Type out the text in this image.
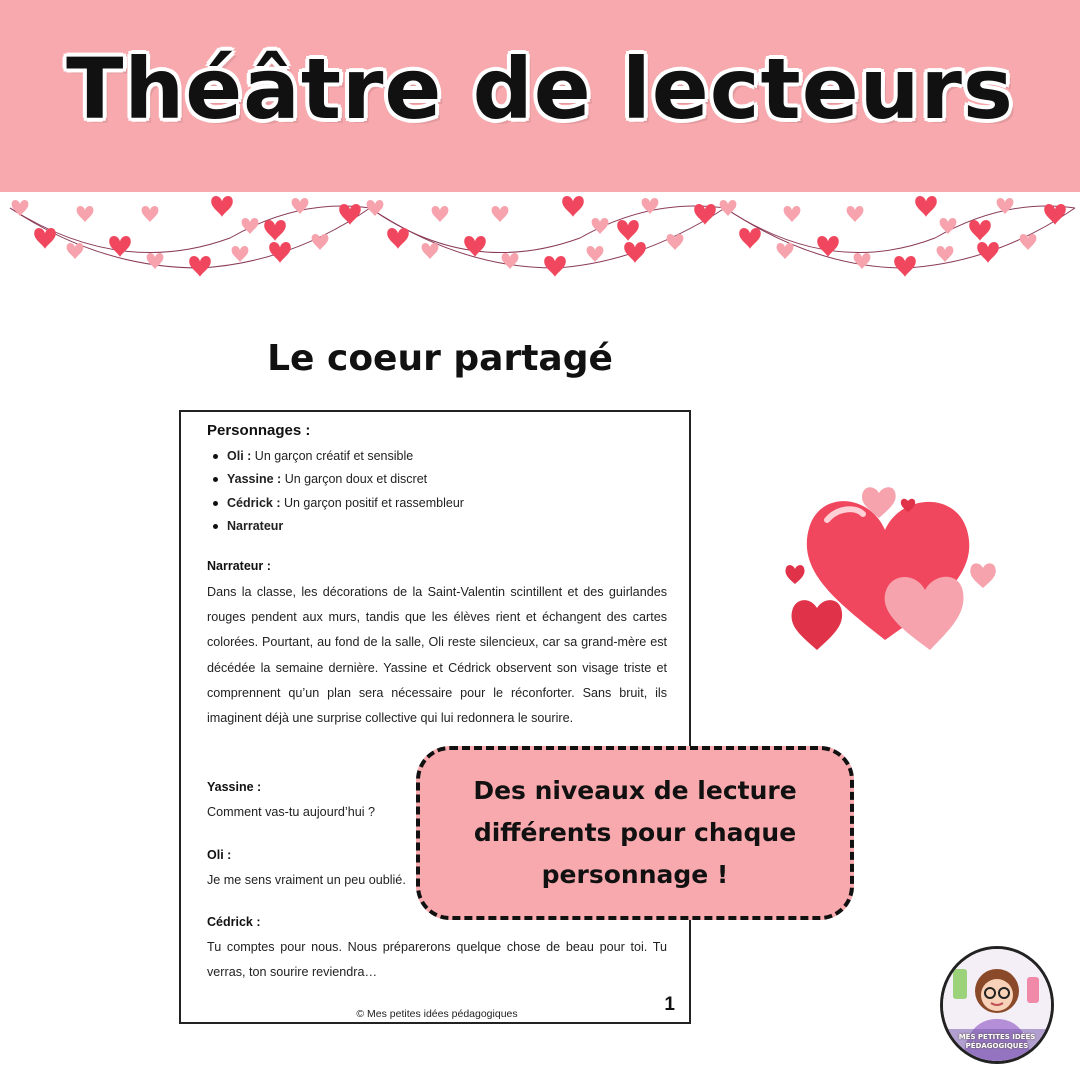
Théâtre de lecteurs
Le coeur partagé
Personnages :
Oli : Un garçon créatif et sensible
Yassine : Un garçon doux et discret
Cédrick : Un garçon positif et rassembleur
Narrateur
Narrateur :
Dans la classe, les décorations de la Saint-Valentin scintillent et des guirlandes rouges pendent aux murs, tandis que les élèves rient et échangent des cartes colorées. Pourtant, au fond de la salle, Oli reste silencieux, car sa grand-mère est décédée la semaine dernière. Yassine et Cédrick observent son visage triste et comprennent qu’un plan sera nécessaire pour le réconforter. Sans bruit, ils imaginent déjà une surprise collective qui lui redonnera le sourire.
Yassine :
Comment vas-tu aujourd’hui ?
Oli :
Je me sens vraiment un peu oublié.
Cédrick :
Tu comptes pour nous. Nous préparerons quelque chose de beau pour toi. Tu verras, ton sourire reviendra…
1
© Mes petites idées pédagogiques
Des niveaux de lecture différents pour chaque personnage !
MES PETITES IDÉES
PÉDAGOGIQUES
